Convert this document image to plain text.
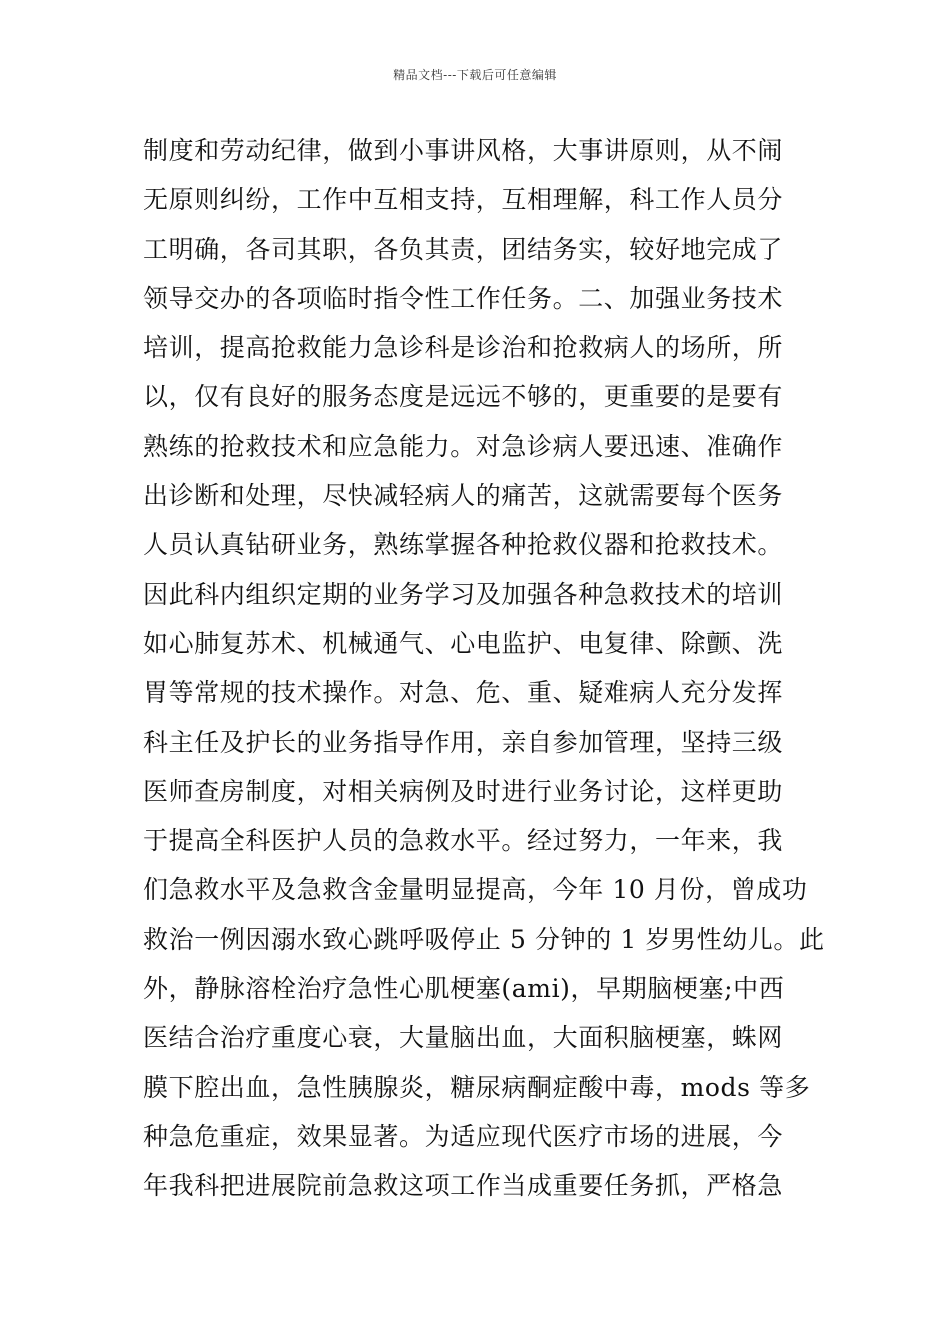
精品文档---下载后可任意编辑
制度和劳动纪律，做到小事讲风格，大事讲原则，从不闹
无原则纠纷，工作中互相支持，互相理解，科工作人员分
工明确，各司其职，各负其责，团结务实，较好地完成了
领导交办的各项临时指令性工作任务。二、加强业务技术
培训，提高抢救能力急诊科是诊治和抢救病人的场所，所
以，仅有良好的服务态度是远远不够的，更重要的是要有
熟练的抢救技术和应急能力。对急诊病人要迅速、准确作
出诊断和处理，尽快减轻病人的痛苦，这就需要每个医务
人员认真钻研业务，熟练掌握各种抢救仪器和抢救技术。
因此科内组织定期的业务学习及加强各种急救技术的培训
如心肺复苏术、机械通气、心电监护、电复律、除颤、洗
胃等常规的技术操作。对急、危、重、疑难病人充分发挥
科主任及护长的业务指导作用，亲自参加管理，坚持三级
医师查房制度，对相关病例及时进行业务讨论，这样更助
于提高全科医护人员的急救水平。经过努力，一年来，我
们急救水平及急救含金量明显提高，今年 10 月份，曾成功
救治一例因溺水致心跳呼吸停止 5 分钟的 1 岁男性幼儿。此
外，静脉溶栓治疗急性心肌梗塞(ami)，早期脑梗塞;中西
医结合治疗重度心衰，大量脑出血，大面积脑梗塞，蛛网
膜下腔出血，急性胰腺炎，糖尿病酮症酸中毒，mods 等多
种急危重症，效果显著。为适应现代医疗市场的进展，今
年我科把进展院前急救这项工作当成重要任务抓，严格急
